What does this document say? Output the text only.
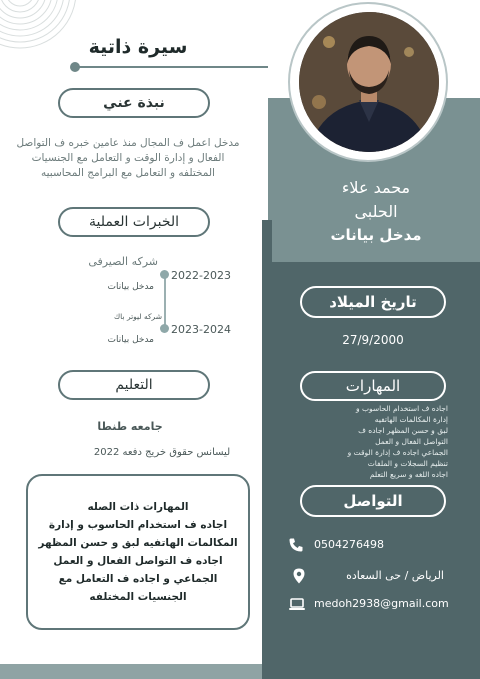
محمد علاء
الحلبى
مدخل بيانات
تاريخ الميلاد
27/9/2000
المهارات
اجاده ف استخدام الحاسوب و
إدارة المكالمات الهاتفيه
لبق و حسن المظهر اجاده ف
التواصل الفعال و العمل
الجماعي اجاده ف إدارة الوقت و
تنظيم السجلات و الملفات
اجاده اللغه و سريع التعلم
التواصل
0504276498
الرياض / حى السعاده
medoh2938@gmail.com
سيرة ذاتية
نبذة عني
مدخل اعمل ف المجال منذ عامين خبره ف التواصل الفعال و إدارة الوقت و التعامل مع الجنسيات المختلفه و التعامل مع البرامج المحاسبيه
الخبرات العملية
شركه الصيرفى
2022-2023
مدخل بيانات
شركه ليوتر باك
2023-2024
مدخل بيانات
التعليم
جامعه طنطا
ليسانس حقوق خريج دفعه 2022
المهارات ذات الصله
اجاده ف استخدام الحاسوب و إدارة
المكالمات الهاتفيه لبق و حسن المظهر
اجاده ف التواصل الفعال و العمل
الجماعي و اجاده ف التعامل مع
الجنسيات المختلفه
